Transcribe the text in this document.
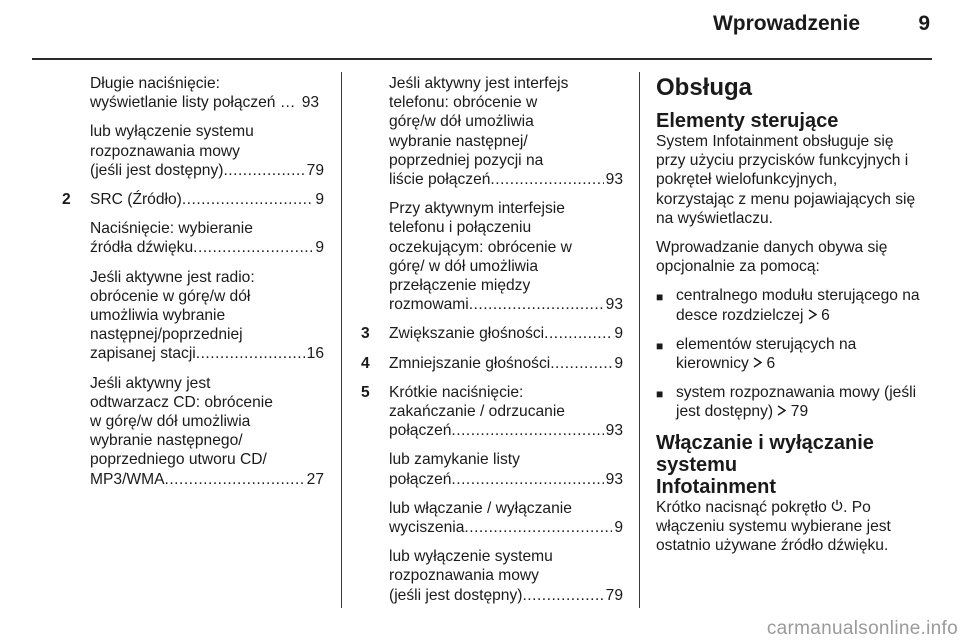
Wprowadzenie	9

Długie naciśnięcie:

wyświetlanie listy połączeń … 93

lub wyłączenie systemu
rozpoznawania mowy

(jeśli jest dostępny) .....	79

2 SRC (Źródło) .....	9

Naciśnięcie: wybieranie

źródła dźwięku .....	9

Jeśli aktywne jest radio:
obrócenie w górę/w dół
umożliwia wybranie
następnej/poprzedniej

zapisanej stacji .....	16

Jeśli aktywny jest
odtwarzacz CD: obrócenie
w górę/w dół umożliwia
wybranie następnego/
poprzedniego utworu CD/

MP3/WMA .....	27

Jeśli aktywny jest interfejs
telefonu: obrócenie w
górę/w dół umożliwia
wybranie następnej/
poprzedniej pozycji na

liście połączeń .....	93

Przy aktywnym interfejsie
telefonu i połączeniu
oczekującym: obrócenie w
górę/ w dół umożliwia
przełączenie między

rozmowami .....	93

3 Zwiększanie głośności .....	9

4 Zmniejszanie głośności .....	9

5 Krótkie naciśnięcie:
zakańczanie / odrzucanie

połączeń .....	93

lub zamykanie listy

połączeń .....	93

lub włączanie / wyłączanie

wyciszenia .....	9

lub wyłączenie systemu
rozpoznawania mowy

(jeśli jest dostępny) .....	79

Obsługa
Elementy sterujące

System Infotainment obsługuje się
przy użyciu przycisków funkcyjnych i
pokręteł wielofunkcyjnych,
korzystając z menu pojawiających się
na wyświetlaczu.

Wprowadzanie danych obywa się
opcjonalnie za pomocą:

■ centralnego modułu sterującego na
desce rozdzielczej 6
■ elementów sterujących na
kierownicy 6
■ system rozpoznawania mowy (jeśli
jest dostępny) 79
Włączanie i wyłączanie systemu
Infotainment

Krótko nacisnąć pokrętło . Po
włączeniu systemu wybierane jest
ostatnio używane źródło dźwięku.

carmanualsonline.info
